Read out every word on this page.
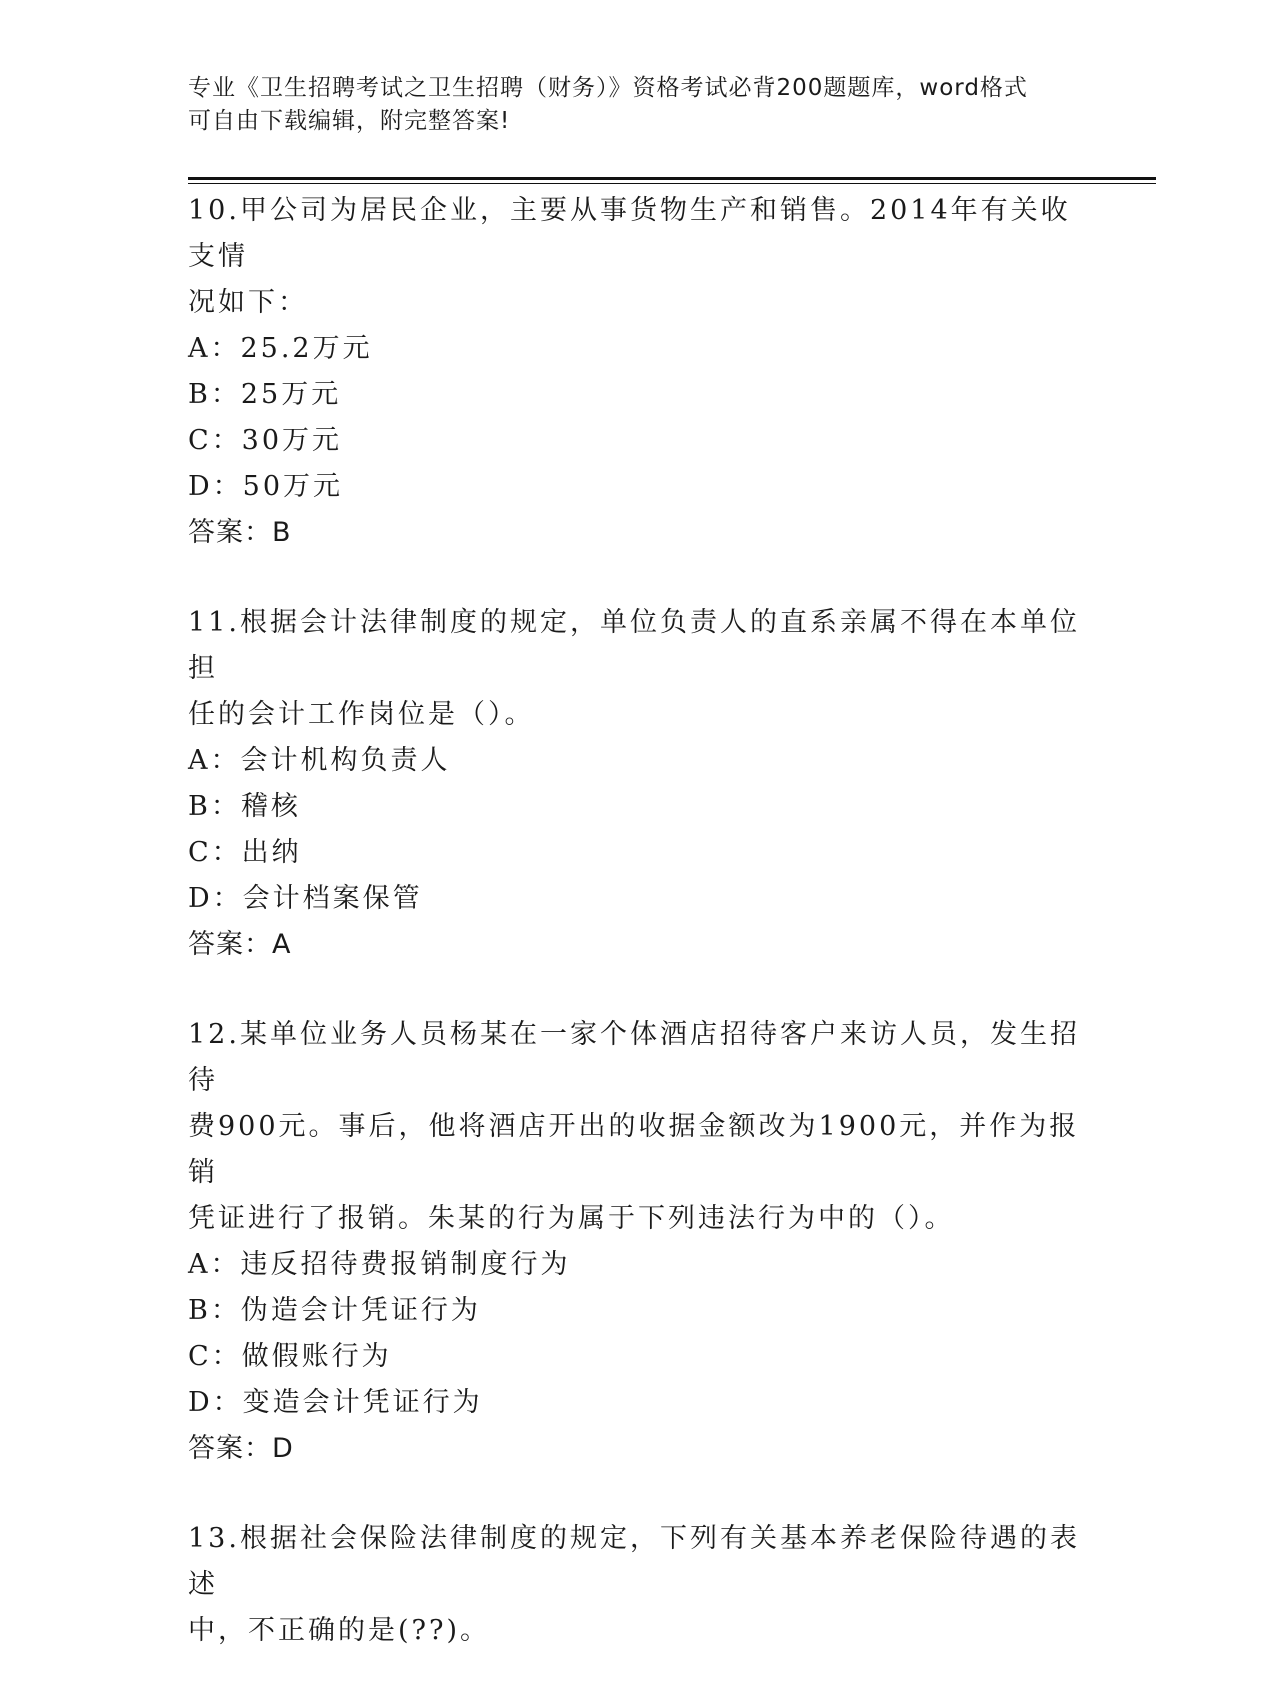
专业《卫生招聘考试之卫生招聘（财务）》资格考试必背200题题库，word格式
可自由下载编辑，附完整答案!
10.甲公司为居民企业，主要从事货物生产和销售。2014年有关收支情
况如下：
A：25.2万元
B：25万元
C：30万元
D：50万元
答案：B
11.根据会计法律制度的规定，单位负责人的直系亲属不得在本单位担
任的会计工作岗位是（）。
A：会计机构负责人
B：稽核
C：出纳
D：会计档案保管
答案：A
12.某单位业务人员杨某在一家个体酒店招待客户来访人员，发生招待
费900元。事后，他将酒店开出的收据金额改为1900元，并作为报销
凭证进行了报销。朱某的行为属于下列违法行为中的（）。
A：违反招待费报销制度行为
B：伪造会计凭证行为
C：做假账行为
D：变造会计凭证行为
答案：D
13.根据社会保险法律制度的规定，下列有关基本养老保险待遇的表述
中，不正确的是(??)。
